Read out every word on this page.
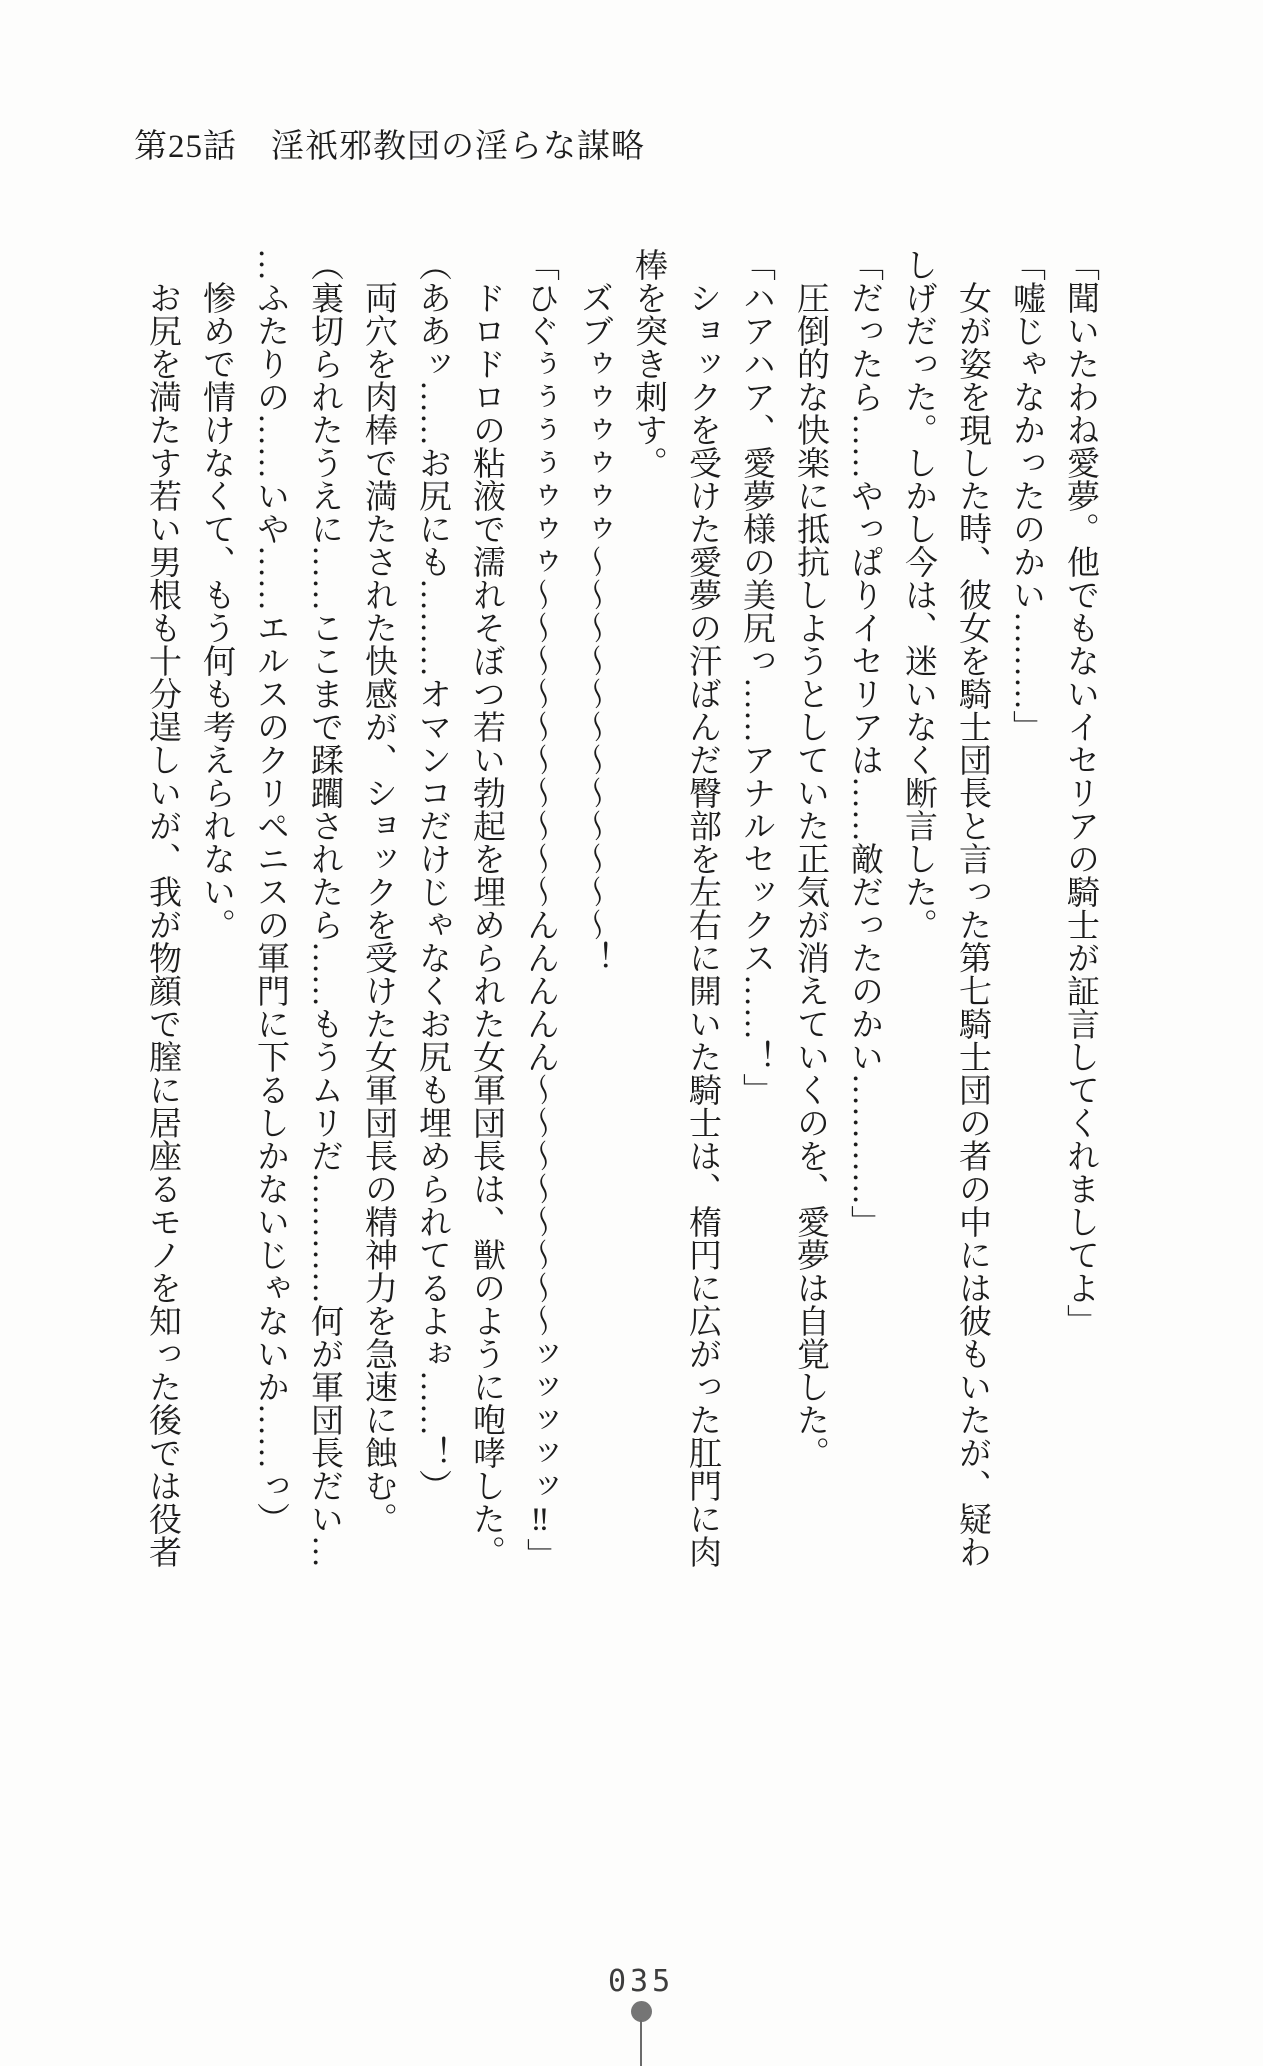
第25話　淫祇邪教団の淫らな謀略

「聞いたわね愛夢。他でもないイセリアの騎士が証言してくれましてよ」

「嘘じゃなかったのかい………」

　女が姿を現した時、彼女を騎士団長と言った第七騎士団の者の中には彼もいたが、疑わ

しげだった。しかし今は、迷いなく断言した。

「だったら……やっぱりイセリアは……敵だったのかい…………」

　圧倒的な快楽に抵抗しようとしていた正気が消えていくのを、愛夢は自覚した。

「ハアハア、愛夢様の美尻っ……アナルセックス……！」

　ショックを受けた愛夢の汗ばんだ臀部を左右に開いた騎士は、楕円に広がった肛門に肉

棒を突き刺す。

　ズブゥゥゥゥゥゥ〜〜〜〜〜〜〜〜〜〜〜〜！

「ひぐぅぅぅぅゥゥゥ〜〜〜〜〜〜〜〜〜〜んんんんん〜〜〜〜〜〜〜〜ッッッッッ‼」

　ドロドロの粘液で濡れそぼつ若い勃起を埋められた女軍団長は、獣のように咆哮した。

（ああッ……お尻にも………オマンコだけじゃなくお尻も埋められてるよぉ……！）

　両穴を肉棒で満たされた快感が、ショックを受けた女軍団長の精神力を急速に蝕む。

（裏切られたうえに……ここまで蹂躙されたら……もうムリだ…………何が軍団長だい…

…ふたりの……いや……エルスのクリペニスの軍門に下るしかないじゃないか……っ）

　惨めで情けなくて、もう何も考えられない。

　お尻を満たす若い男根も十分逞しいが、我が物顔で膣に居座るモノを知った後では役者

035
